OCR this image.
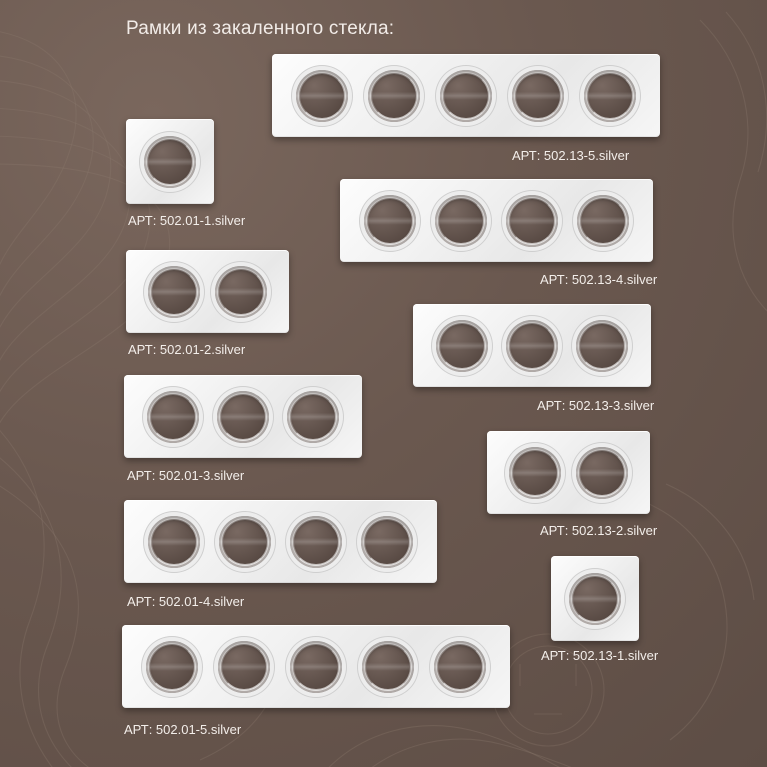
Рамки из закаленного стекла:
АРТ: 502.01-1.silver
АРТ: 502.01-2.silver
АРТ: 502.01-3.silver
АРТ: 502.01-4.silver
АРТ: 502.01-5.silver
АРТ: 502.13-5.silver
АРТ: 502.13-4.silver
АРТ: 502.13-3.silver
АРТ: 502.13-2.silver
АРТ: 502.13-1.silver
